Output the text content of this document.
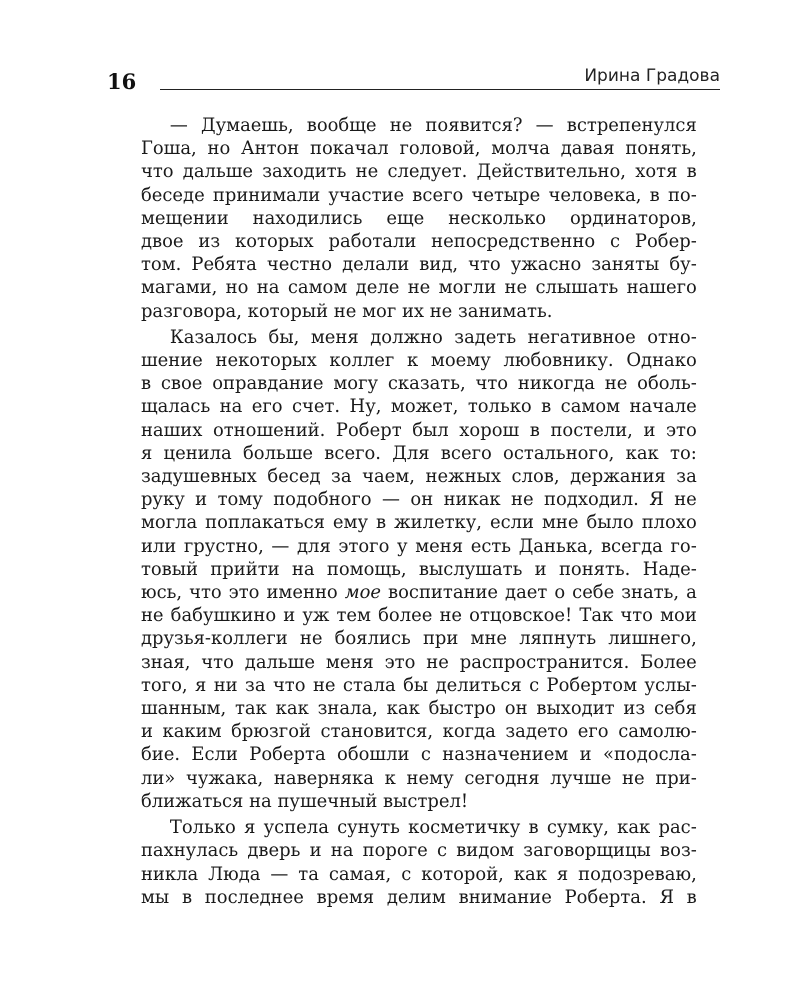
16	Ирина Градова

— Думаешь, вообще не появится? — встрепенулся
Гоша, но Антон покачал головой, молча давая понять,
что дальше заходить не следует. Действительно, хотя в
беседе принимали участие всего четыре человека, в по-
мещении находились еще несколько ординаторов,
двое из которых работали непосредственно с Робер-
том. Ребята честно делали вид, что ужасно заняты бу-
магами, но на самом деле не могли не слышать нашего
разговора, который не мог их не занимать.

Казалось бы, меня должно задеть негативное отно-
шение некоторых коллег к моему любовнику. Однако
в свое оправдание могу сказать, что никогда не оболь-
щалась на его счет. Ну, может, только в самом начале
наших отношений. Роберт был хорош в постели, и это
я ценила больше всего. Для всего остального, как то:
задушевных бесед за чаем, нежных слов, держания за
руку и тому подобного — он никак не подходил. Я не
могла поплакаться ему в жилетку, если мне было плохо
или грустно, — для этого у меня есть Данька, всегда го-
товый прийти на помощь, выслушать и понять. Наде-
юсь, что это именно мое воспитание дает о себе знать, а
не бабушкино и уж тем более не отцовское! Так что мои
друзья-коллеги не боялись при мне ляпнуть лишнего,
зная, что дальше меня это не распространится. Более
того, я ни за что не стала бы делиться с Робертом услы-
шанным, так как знала, как быстро он выходит из себя
и каким брюзгой становится, когда задето его самолю-
бие. Если Роберта обошли с назначением и «подосла-
ли» чужака, наверняка к нему сегодня лучше не при-
ближаться на пушечный выстрел!

Только я успела сунуть косметичку в сумку, как рас-
пахнулась дверь и на пороге с видом заговорщицы воз-
никла Люда — та самая, с которой, как я подозреваю,
мы в последнее время делим внимание Роберта. Я в
